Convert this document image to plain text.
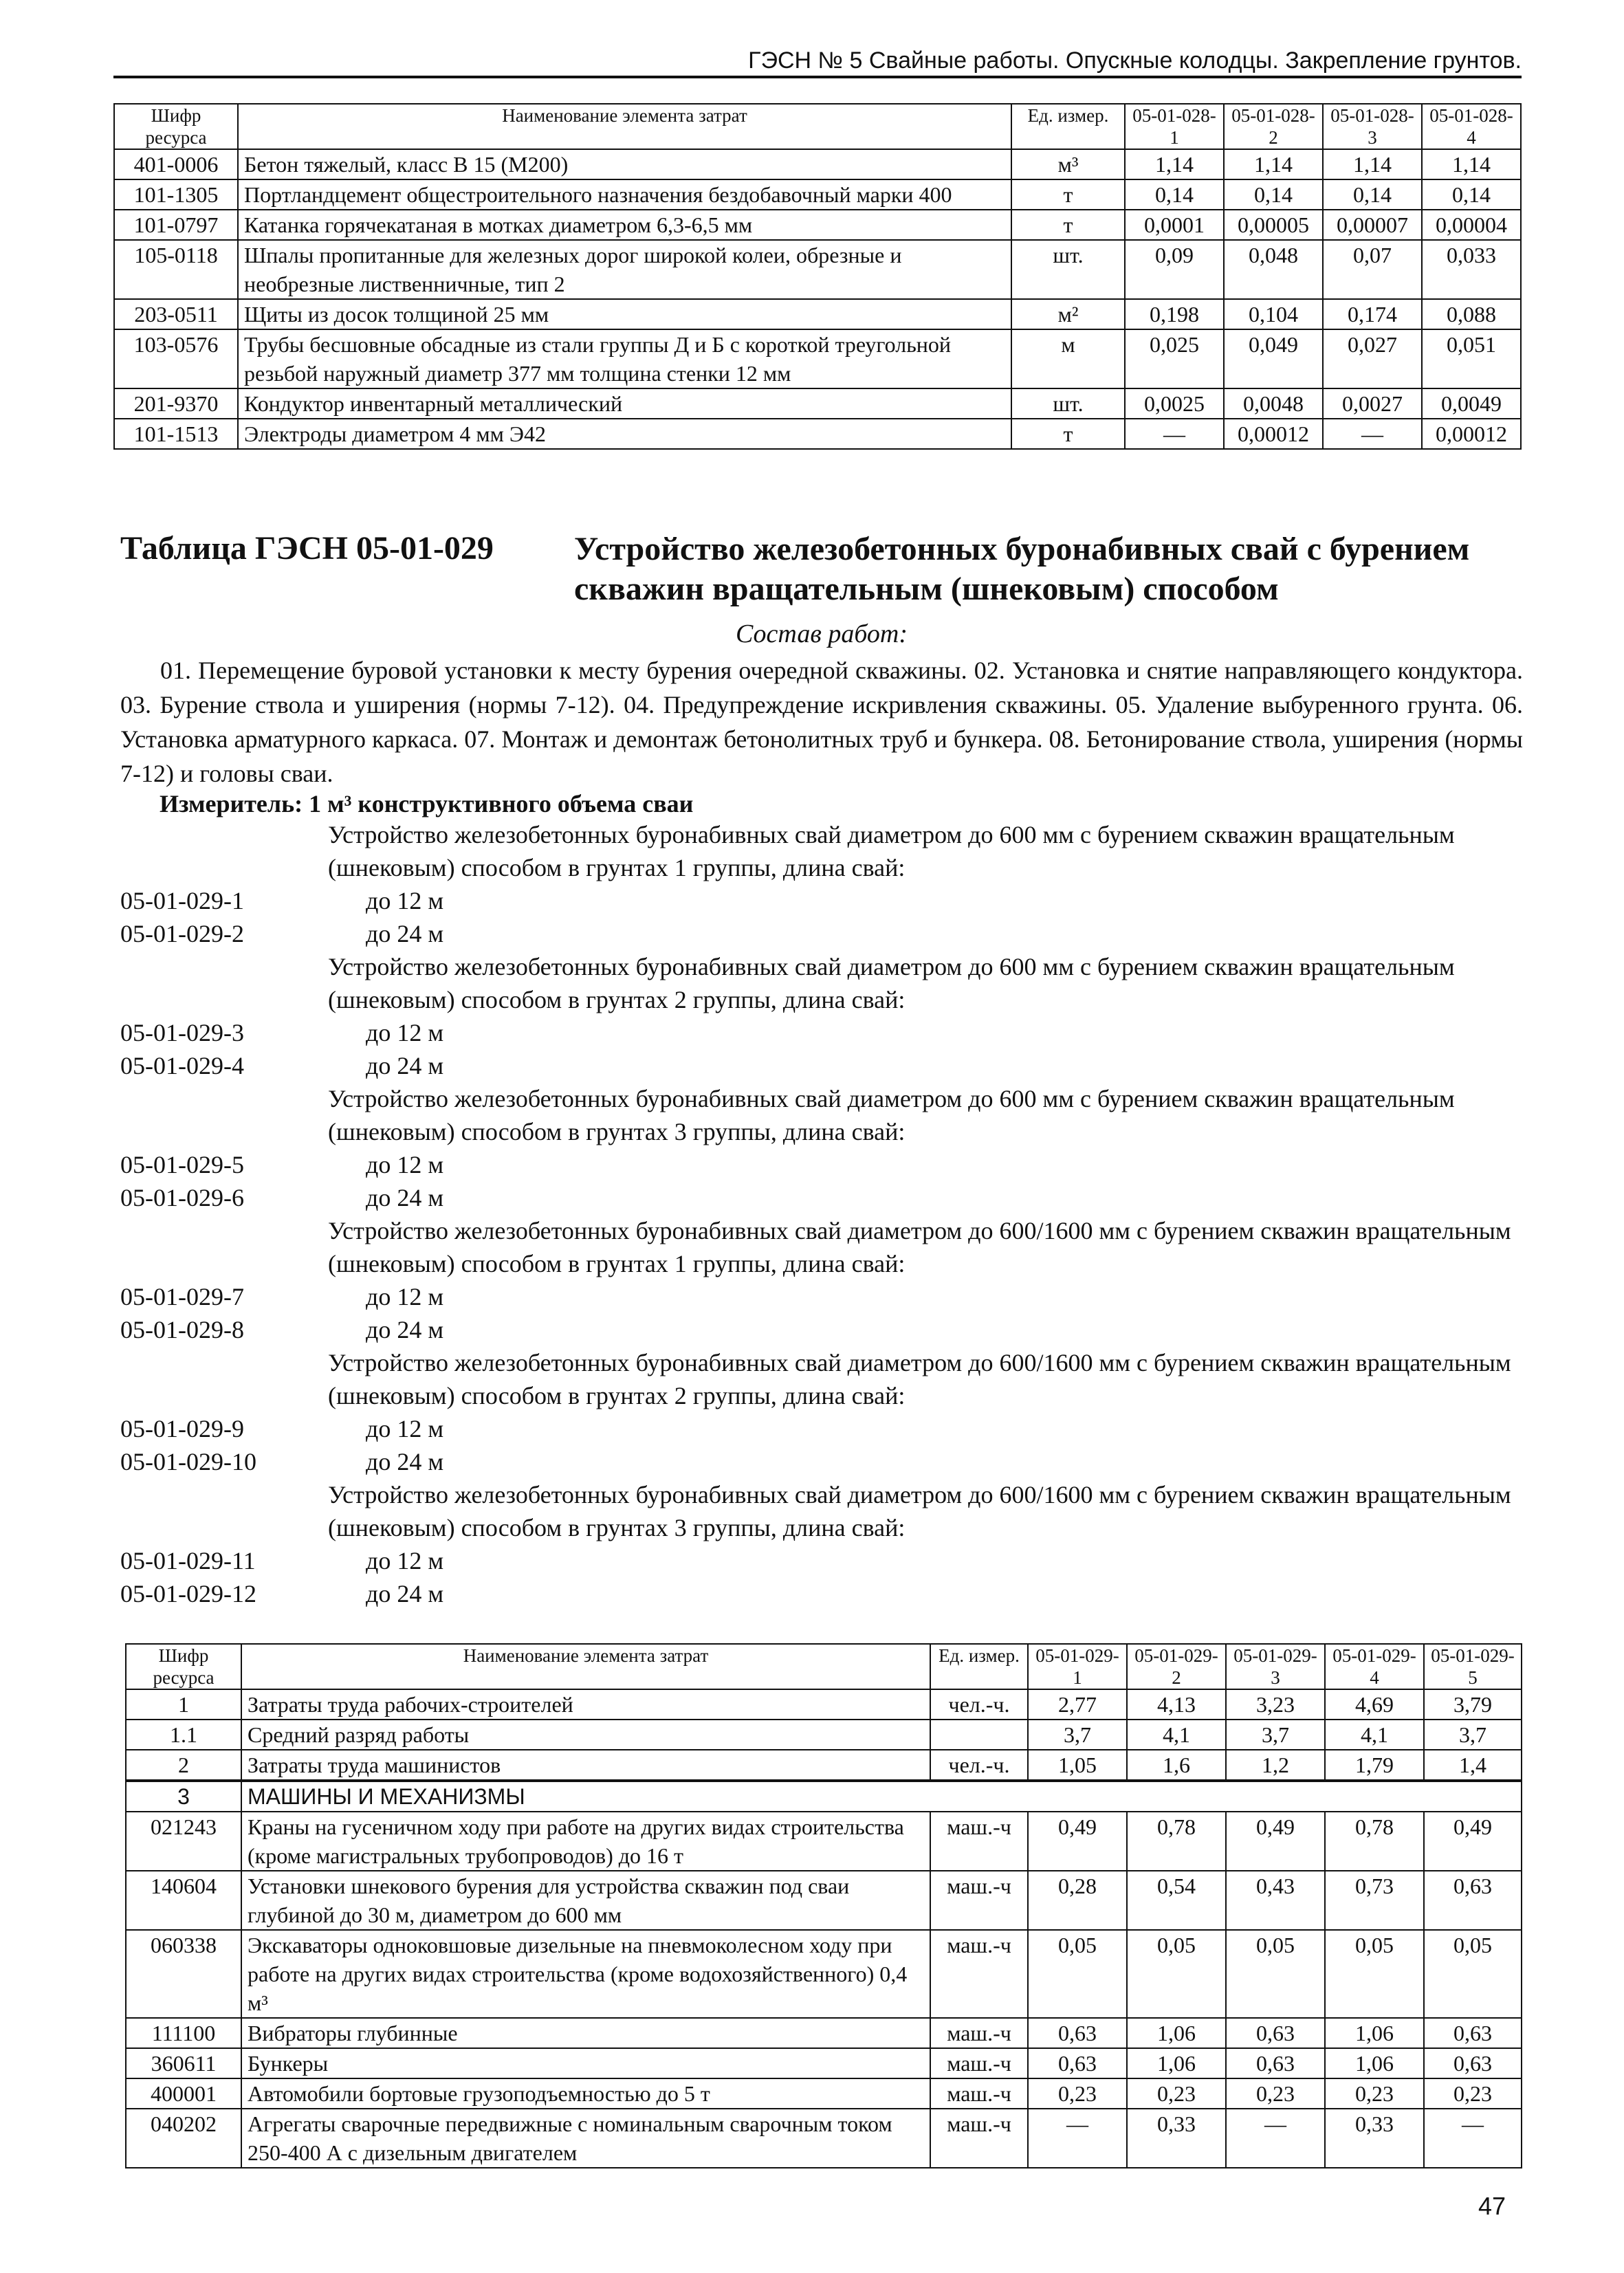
ГЭСН № 5 Свайные работы. Опускные колодцы. Закрепление грунтов.
Шифр ресурса	Наименование элемента затрат	Ед. измер.	05-01-028-1	05-01-028-2	05-01-028-3	05-01-028-4
401-0006	Бетон тяжелый, класс В 15 (М200)	м³	1,14	1,14	1,14	1,14
101-1305	Портландцемент общестроительного назначения бездобавочный марки 400	т	0,14	0,14	0,14	0,14
101-0797	Катанка горячекатаная в мотках диаметром 6,3-6,5 мм	т	0,0001	0,00005	0,00007	0,00004
105-0118	Шпалы пропитанные для железных дорог широкой колеи, обрезные и необрезные лиственничные, тип 2	шт.	0,09	0,048	0,07	0,033
203-0511	Щиты из досок толщиной 25 мм	м²	0,198	0,104	0,174	0,088
103-0576	Трубы бесшовные обсадные из стали группы Д и Б с короткой треугольной резьбой наружный диаметр 377 мм толщина стенки 12 мм	м	0,025	0,049	0,027	0,051
201-9370	Кондуктор инвентарный металлический	шт.	0,0025	0,0048	0,0027	0,0049
101-1513	Электроды диаметром 4 мм Э42	т	—	0,00012	—	0,00012
Таблица ГЭСН 05-01-029 Устройство железобетонных буронабивных свай с бурением скважин вращательным (шнековым) способом
Состав работ:
01. Перемещение буровой установки к месту бурения очередной скважины. 02. Установка и снятие направляющего кондуктора. 03. Бурение ствола и уширения (нормы 7-12). 04. Предупреждение искривления скважины. 05. Удаление выбуренного грунта. 06. Установка арматурного каркаса. 07. Монтаж и демонтаж бетонолитных труб и бункера. 08. Бетонирование ствола, уширения (нормы 7-12) и головы сваи.
Измеритель: 1 м³ конструктивного объема сваи
Устройство железобетонных буронабивных свай диаметром до 600 мм с бурением скважин вращательным (шнековым) способом в грунтах 1 группы, длина свай:
05-01-029-1	до 12 м
05-01-029-2	до 24 м
Устройство железобетонных буронабивных свай диаметром до 600 мм с бурением скважин вращательным (шнековым) способом в грунтах 2 группы, длина свай:
05-01-029-3	до 12 м
05-01-029-4	до 24 м
Устройство железобетонных буронабивных свай диаметром до 600 мм с бурением скважин вращательным (шнековым) способом в грунтах 3 группы, длина свай:
05-01-029-5	до 12 м
05-01-029-6	до 24 м
Устройство железобетонных буронабивных свай диаметром до 600/1600 мм с бурением скважин вращательным (шнековым) способом в грунтах 1 группы, длина свай:
05-01-029-7	до 12 м
05-01-029-8	до 24 м
Устройство железобетонных буронабивных свай диаметром до 600/1600 мм с бурением скважин вращательным (шнековым) способом в грунтах 2 группы, длина свай:
05-01-029-9	до 12 м
05-01-029-10	до 24 м
Устройство железобетонных буронабивных свай диаметром до 600/1600 мм с бурением скважин вращательным (шнековым) способом в грунтах 3 группы, длина свай:
05-01-029-11	до 12 м
05-01-029-12	до 24 м
Шифр ресурса	Наименование элемента затрат	Ед. измер.	05-01-029-1	05-01-029-2	05-01-029-3	05-01-029-4	05-01-029-5
1	Затраты труда рабочих-строителей	чел.-ч.	2,77	4,13	3,23	4,69	3,79
1.1	Средний разряд работы		3,7	4,1	3,7	4,1	3,7
2	Затраты труда машинистов	чел.-ч.	1,05	1,6	1,2	1,79	1,4
3	МАШИНЫ И МЕХАНИЗМЫ						
021243	Краны на гусеничном ходу при работе на других видах строительства (кроме магистральных трубопроводов) до 16 т	маш.-ч	0,49	0,78	0,49	0,78	0,49
140604	Установки шнекового бурения для устройства скважин под сваи глубиной до 30 м, диаметром до 600 мм	маш.-ч	0,28	0,54	0,43	0,73	0,63
060338	Экскаваторы одноковшовые дизельные на пневмоколесном ходу при работе на других видах строительства (кроме водохозяйственного) 0,4 м³	маш.-ч	0,05	0,05	0,05	0,05	0,05
111100	Вибраторы глубинные	маш.-ч	0,63	1,06	0,63	1,06	0,63
360611	Бункеры	маш.-ч	0,63	1,06	0,63	1,06	0,63
400001	Автомобили бортовые грузоподъемностью до 5 т	маш.-ч	0,23	0,23	0,23	0,23	0,23
040202	Агрегаты сварочные передвижные с номинальным сварочным током 250-400 А с дизельным двигателем	маш.-ч	—	0,33	—	0,33	—
47
